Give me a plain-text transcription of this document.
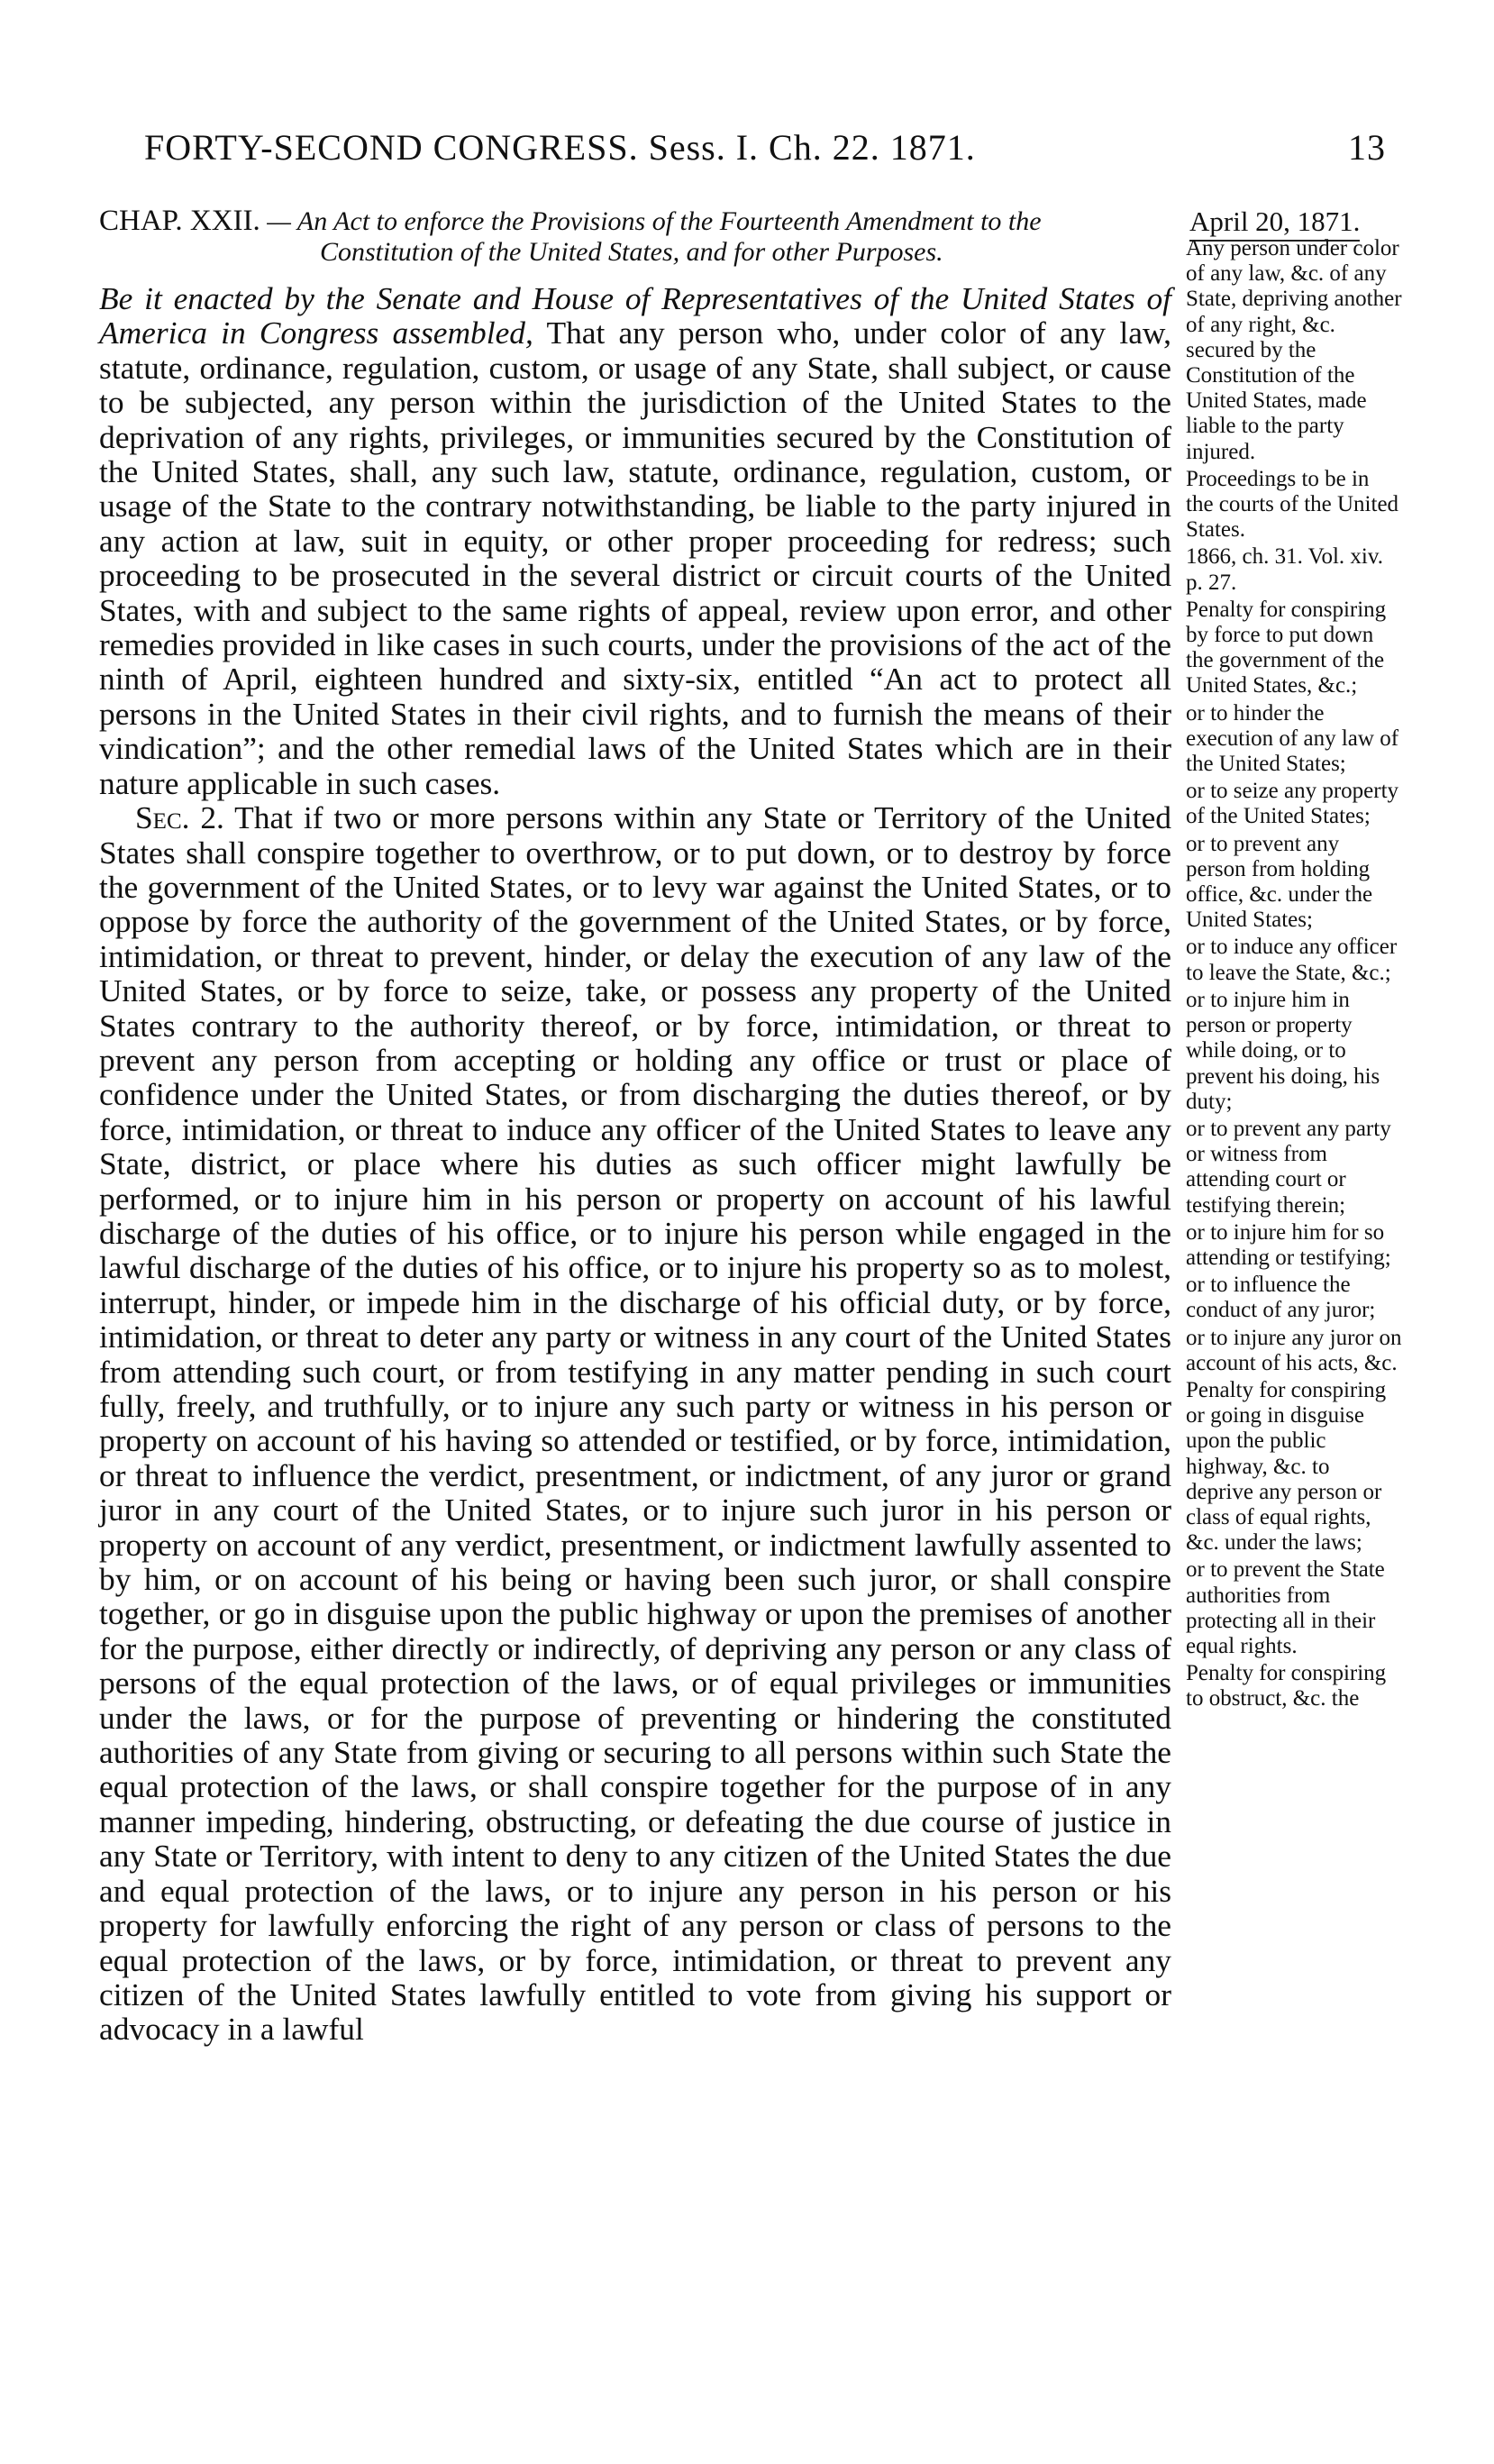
FORTY-SECOND CONGRESS. Sess. I. Ch. 22. 1871.	13
CHAP. XXII. — An Act to enforce the Provisions of the Fourteenth Amendment to the
Constitution of the United States, and for other Purposes.
April 20, 1871.

Be it enacted by the Senate and House of Representatives of the United States of America in Congress assembled, That any person who, under color of any law, statute, ordinance, regulation, custom, or usage of any State, shall subject, or cause to be subjected, any person within the jurisdiction of the United States to the deprivation of any rights, privileges, or immunities secured by the Constitution of the United States, shall, any such law, statute, ordinance, regulation, custom, or usage of the State to the contrary notwithstanding, be liable to the party injured in any action at law, suit in equity, or other proper proceeding for redress; such proceeding to be prosecuted in the several district or circuit courts of the United States, with and subject to the same rights of appeal, review upon error, and other remedies provided in like cases in such courts, under the provisions of the act of the ninth of April, eighteen hundred and sixty-six, entitled “An act to protect all persons in the United States in their civil rights, and to furnish the means of their vindication”; and the other remedial laws of the United States which are in their nature applicable in such cases.

Sec. 2. That if two or more persons within any State or Territory of the United States shall conspire together to overthrow, or to put down, or to destroy by force the government of the United States, or to levy war against the United States, or to oppose by force the authority of the government of the United States, or by force, intimidation, or threat to prevent, hinder, or delay the execution of any law of the United States, or by force to seize, take, or possess any property of the United States contrary to the authority thereof, or by force, intimidation, or threat to prevent any person from accepting or holding any office or trust or place of confidence under the United States, or from discharging the duties thereof, or by force, intimidation, or threat to induce any officer of the United States to leave any State, district, or place where his duties as such officer might lawfully be performed, or to injure him in his person or property on account of his lawful discharge of the duties of his office, or to injure his person while engaged in the lawful discharge of the duties of his office, or to injure his property so as to molest, interrupt, hinder, or impede him in the discharge of his official duty, or by force, intimidation, or threat to deter any party or witness in any court of the United States from attending such court, or from testifying in any matter pending in such court fully, freely, and truthfully, or to injure any such party or witness in his person or property on account of his having so attended or testified, or by force, intimidation, or threat to influence the verdict, presentment, or indictment, of any juror or grand juror in any court of the United States, or to injure such juror in his person or property on account of any verdict, presentment, or indictment lawfully assented to by him, or on account of his being or having been such juror, or shall conspire together, or go in disguise upon the public highway or upon the premises of another for the purpose, either directly or indirectly, of depriving any person or any class of persons of the equal protection of the laws, or of equal privileges or immunities under the laws, or for the purpose of preventing or hindering the constituted authorities of any State from giving or securing to all persons within such State the equal protection of the laws, or shall conspire together for the purpose of in any manner impeding, hindering, obstructing, or defeating the due course of justice in any State or Territory, with intent to deny to any citizen of the United States the due and equal protection of the laws, or to injure any person in his person or his property for lawfully enforcing the right of any person or class of persons to the equal protection of the laws, or by force, intimidation, or threat to prevent any citizen of the United States lawfully entitled to vote from giving his support or advocacy in a lawful

Any person under color of any law, &c. of any State, depriving another of any right, &c. secured by the Constitution of the United States, made liable to the party injured.
Proceedings to be in the courts of the United States.
1866, ch. 31. Vol. xiv. p. 27.
Penalty for conspiring by force to put down the government of the United States, &c.;
or to hinder the execution of any law of the United States;
or to seize any property of the United States;
or to prevent any person from holding office, &c. under the United States;
or to induce any officer to leave the State, &c.;
or to injure him in person or property while doing, or to prevent his doing, his duty;
or to prevent any party or witness from attending court or testifying therein;
or to injure him for so attending or testifying;
or to influence the conduct of any juror;
or to injure any juror on account of his acts, &c.
Penalty for conspiring or going in disguise upon the public highway, &c. to deprive any person or class of equal rights, &c. under the laws;
or to prevent the State authorities from protecting all in their equal rights.
Penalty for conspiring to obstruct, &c. the
